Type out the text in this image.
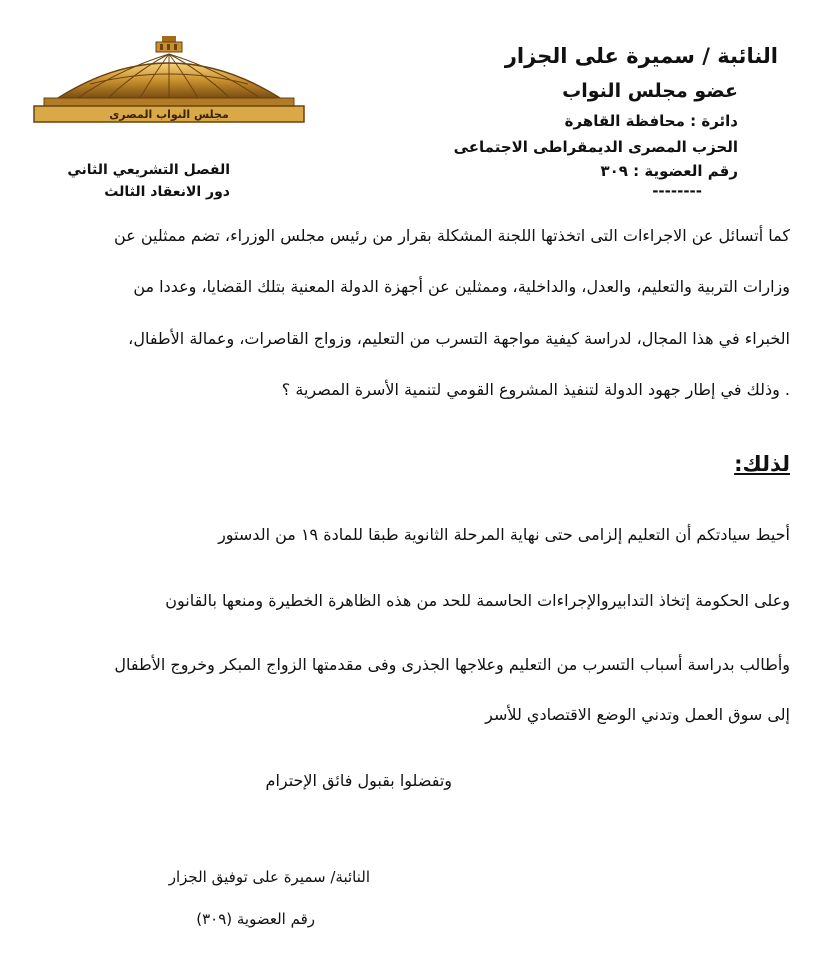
مجلس النواب المصرى
النائبة / سميرة على الجزار
عضو مجلس النواب
دائرة : محافظة القاهرة
الحزب المصرى الديمقراطى الاجتماعى
رقم العضوية : ٣٠٩
--------
الفصل التشريعي الثاني
دور الانعقاد الثالث
كما أتسائل عن الاجراءات التى اتخذتها اللجنة المشكلة بقرار من رئيس مجلس الوزراء، تضم ممثلين عن
وزارات التربية والتعليم، والعدل، والداخلية، وممثلين عن أجهزة الدولة المعنية بتلك القضايا، وعددا من
الخبراء في هذا المجال، لدراسة كيفية مواجهة التسرب من التعليم، وزواج القاصرات، وعمالة الأطفال،
. وذلك في إطار جهود الدولة لتنفيذ المشروع القومي لتنمية الأسرة المصرية ؟
لذلك:
أحيط سيادتكم أن التعليم إلزامى حتى نهاية المرحلة الثانوية طبقا للمادة ١٩ من الدستور
وعلى الحكومة إتخاذ التدابيروالإجراءات الحاسمة للحد من هذه الظاهرة الخطيرة ومنعها بالقانون
وأطالب بدراسة أسباب التسرب من التعليم وعلاجها الجذرى وفى مقدمتها الزواج المبكر وخروج الأطفال
إلى سوق العمل وتدني الوضع الاقتصادي للأسر
وتفضلوا بقبول فائق الإحترام
النائبة/ سميرة على توفيق الجزار
رقم العضوية (٣٠٩)
